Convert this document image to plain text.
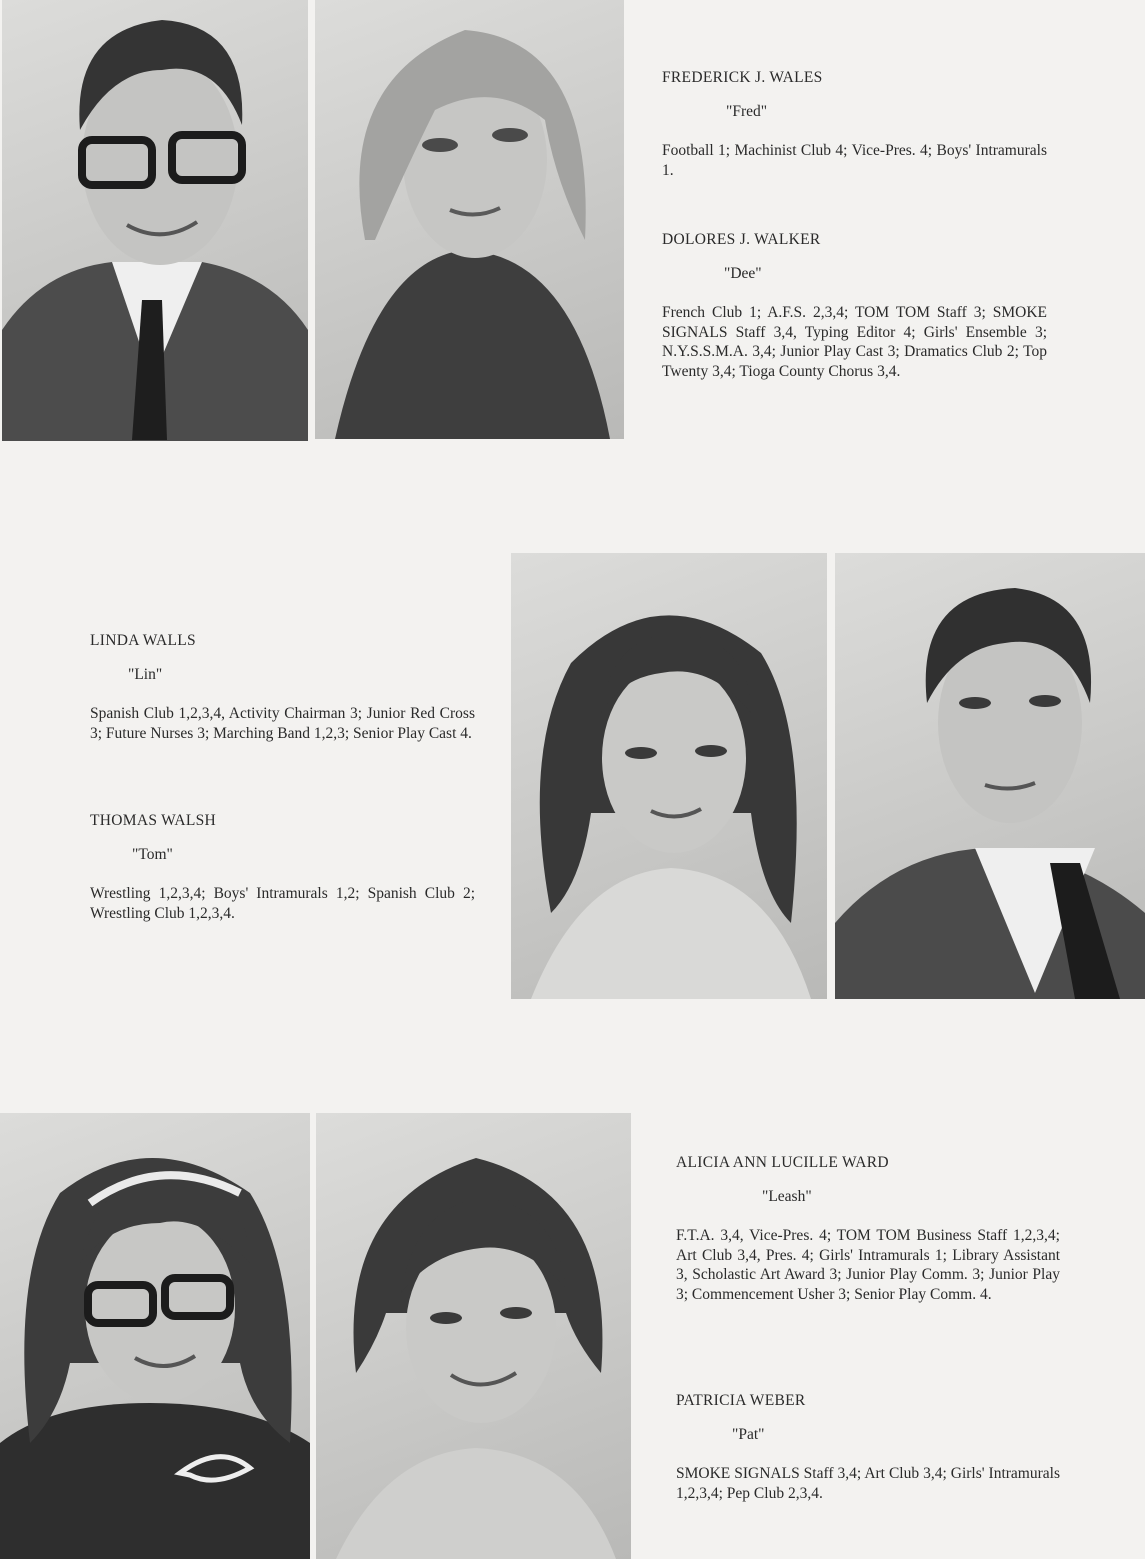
FREDERICK J. WALES

"Fred"

Football 1; Machinist Club 4; Vice-Pres. 4; Boys' Intramurals 1.

DOLORES J. WALKER

"Dee"

French Club 1; A.F.S. 2,3,4; TOM TOM Staff 3; SMOKE SIGNALS Staff 3,4, Typing Editor 4; Girls' Ensemble 3; N.Y.S.S.M.A. 3,4; Junior Play Cast 3; Dramatics Club 2; Top Twenty 3,4; Tioga County Chorus 3,4.

LINDA WALLS

"Lin"

Spanish Club 1,2,3,4, Activity Chairman 3; Junior Red Cross 3; Future Nurses 3; Marching Band 1,2,3; Senior Play Cast 4.

THOMAS WALSH

"Tom"

Wrestling 1,2,3,4; Boys' Intramurals 1,2; Spanish Club 2; Wrestling Club 1,2,3,4.

ALICIA ANN LUCILLE WARD

"Leash"

F.T.A. 3,4, Vice-Pres. 4; TOM TOM Business Staff 1,2,3,4; Art Club 3,4, Pres. 4; Girls' Intramurals 1; Library Assistant 3, Scholastic Art Award 3; Junior Play Comm. 3; Junior Play 3; Commencement Usher 3; Senior Play Comm. 4.

PATRICIA WEBER

"Pat"

SMOKE SIGNALS Staff 3,4; Art Club 3,4; Girls' Intramurals 1,2,3,4; Pep Club 2,3,4.
